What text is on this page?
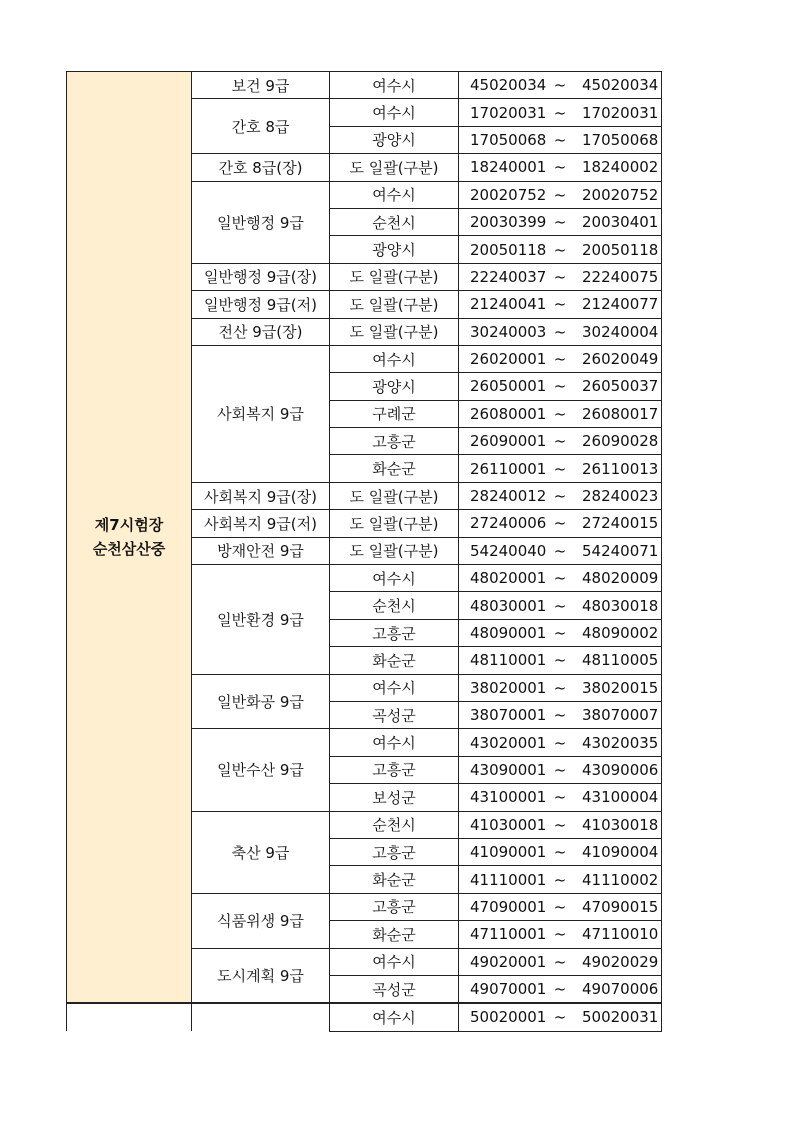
제7시험장
순천삼산중	보건 9급	여수시	45020034 ~ 45020034
	간호 8급	여수시	17020031 ~ 17020031
		광양시	17050068 ~ 17050068
	간호 8급(장)	도 일괄(구분)	18240001 ~ 18240002
	일반행정 9급	여수시	20020752 ~ 20020752
		순천시	20030399 ~ 20030401
		광양시	20050118 ~ 20050118
	일반행정 9급(장)	도 일괄(구분)	22240037 ~ 22240075
	일반행정 9급(저)	도 일괄(구분)	21240041 ~ 21240077
	전산 9급(장)	도 일괄(구분)	30240003 ~ 30240004
	사회복지 9급	여수시	26020001 ~ 26020049
		광양시	26050001 ~ 26050037
		구례군	26080001 ~ 26080017
		고흥군	26090001 ~ 26090028
		화순군	26110001 ~ 26110013
	사회복지 9급(장)	도 일괄(구분)	28240012 ~ 28240023
	사회복지 9급(저)	도 일괄(구분)	27240006 ~ 27240015
	방재안전 9급	도 일괄(구분)	54240040 ~ 54240071
	일반환경 9급	여수시	48020001 ~ 48020009
		순천시	48030001 ~ 48030018
		고흥군	48090001 ~ 48090002
		화순군	48110001 ~ 48110005
	일반화공 9급	여수시	38020001 ~ 38020015
		곡성군	38070001 ~ 38070007
	일반수산 9급	여수시	43020001 ~ 43020035
		고흥군	43090001 ~ 43090006
		보성군	43100001 ~ 43100004
	축산 9급	순천시	41030001 ~ 41030018
		고흥군	41090001 ~ 41090004
		화순군	41110001 ~ 41110002
	식품위생 9급	고흥군	47090001 ~ 47090015
		화순군	47110001 ~ 47110010
	도시계획 9급	여수시	49020001 ~ 49020029
		곡성군	49070001 ~ 49070006
		여수시	50020001 ~ 50020031
